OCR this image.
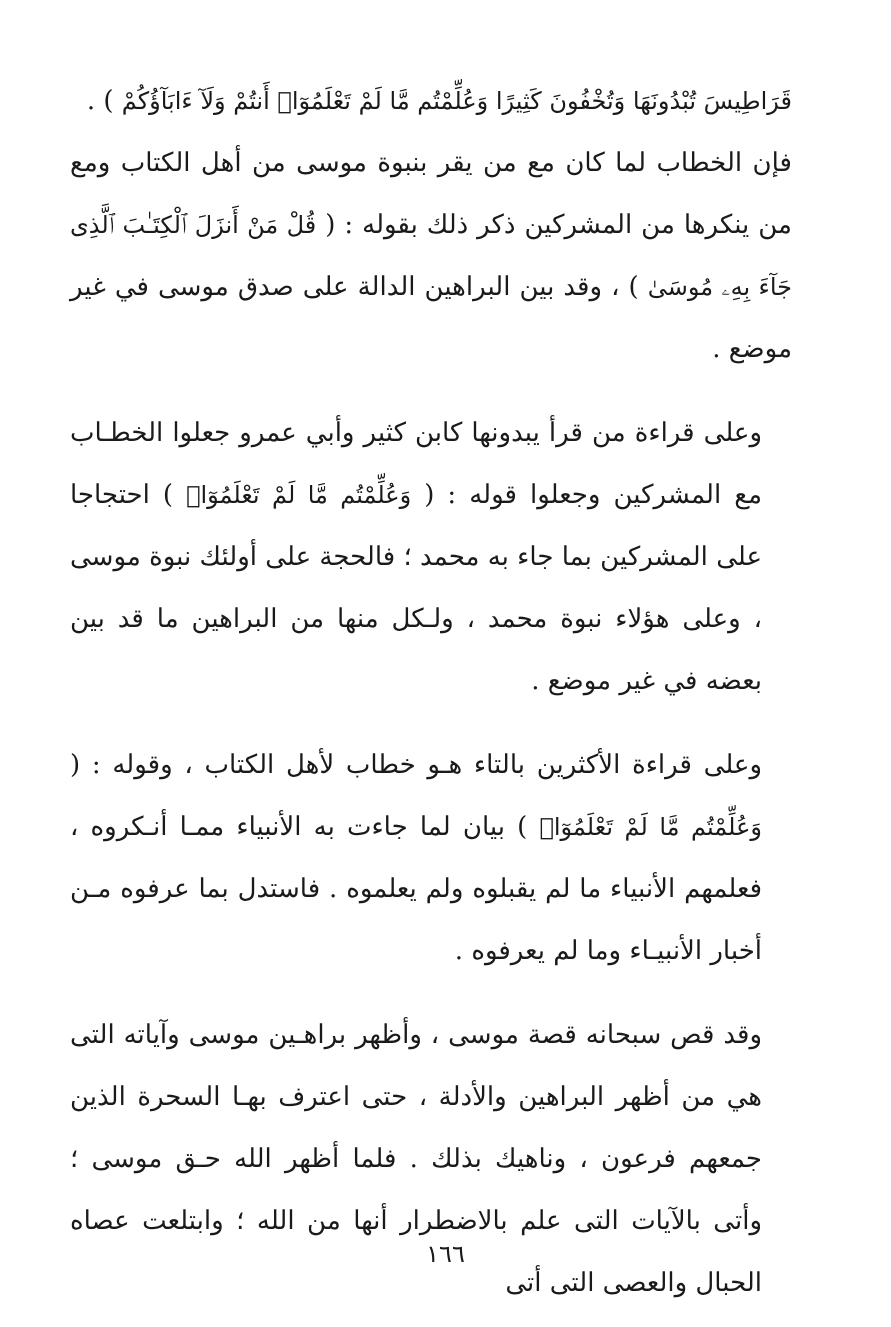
قَرَاطِيسَ تُبْدُونَهَا وَتُخْفُونَ كَثِيرًا وَعُلِّمْتُم مَّا لَمْ تَعْلَمُوٓا۟ أَنتُمْ وَلَآ ءَابَآؤُكُمْ ) .
فإن الخطاب لما كان مع من يقر بنبوة موسى من أهل الكتاب ومع من ينكرها من المشركين ذكر ذلك بقوله : ( قُلْ مَنْ أَنزَلَ ٱلْكِتَـٰبَ ٱلَّذِى جَآءَ بِهِۦ مُوسَىٰ ) ، وقد بين البراهين الدالة على صدق موسى في غير موضع .

وعلى قراءة من قرأ يبدونها كابن كثير وأبي عمرو جعلوا الخطـاب مع المشركين وجعلوا قوله : ( وَعُلِّمْتُم مَّا لَمْ تَعْلَمُوٓا۟ ) احتجاجا على المشركين بما جاء به محمد ؛ فالحجة على أولئك نبوة موسى ، وعلى هؤلاء نبوة محمد ، ولـكل منها من البراهين ما قد بين بعضه في غير موضع .

وعلى قراءة الأكثرين بالتاء هـو خطاب لأهل الكتاب ، وقوله : ( وَعُلِّمْتُم مَّا لَمْ تَعْلَمُوٓا۟ ) بيان لما جاءت به الأنبياء ممـا أنـكروه ، فعلمهم الأنبياء ما لم يقبلوه ولم يعلموه . فاستدل بما عرفوه مـن أخبار الأنبيـاء وما لم يعرفوه .

وقد قص سبحانه قصة موسى ، وأظهر براهـين موسى وآياته التى هي من أظهر البراهين والأدلة ، حتى اعترف بهـا السحرة الذين جمعهم فرعون ، وناهيك بذلك . فلما أظهر الله حـق موسى ؛ وأتى بالآيات التى علم بالاضطرار أنها من الله ؛ وابتلعت عصاه الحبال والعصى التى أتى

١٦٦
